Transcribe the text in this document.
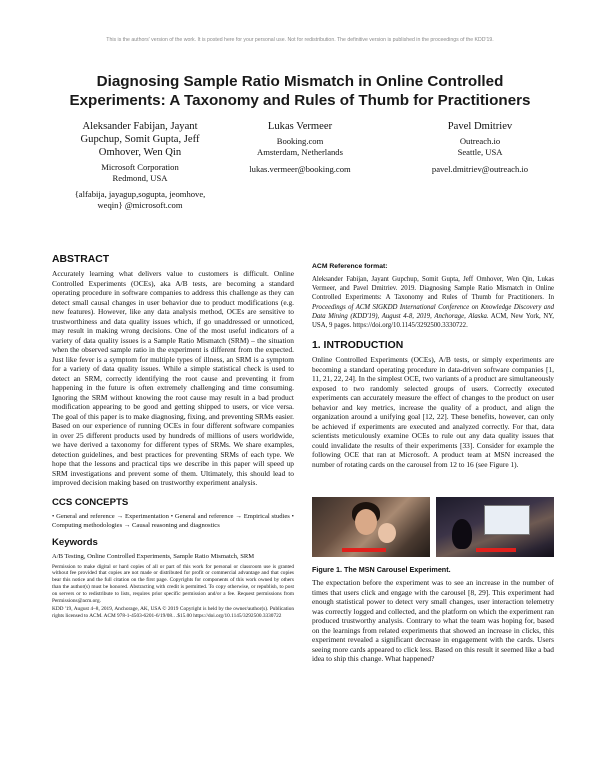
This is the authors' version of the work. It is posted here for your personal use. Not for redistribution. The definitive version is published in the proceedings of the KDD'19.
Diagnosing Sample Ratio Mismatch in Online Controlled
Experiments: A Taxonomy and Rules of Thumb for Practitioners
Aleksander Fabijan, Jayant
Gupchup, Somit Gupta, Jeff
Omhover, Wen Qin
Microsoft Corporation
Redmond, USA
{alfabija, jayagup,sogupta, jeomhove,
weqin} @microsoft.com
Lukas Vermeer
Booking.com
Amsterdam, Netherlands
lukas.vermeer@booking.com
Pavel Dmitriev
Outreach.io
Seattle, USA
pavel.dmitriev@outreach.io
ABSTRACT

Accurately learning what delivers value to customers is difficult. Online Controlled Experiments (OCEs), aka A/B tests, are becoming a standard operating procedure in software companies to address this challenge as they can detect small causal changes in user behavior due to product modifications (e.g. new features). However, like any data analysis method, OCEs are sensitive to trustworthiness and data quality issues which, if go unaddressed or unnoticed, may result in making wrong decisions. One of the most useful indicators of a variety of data quality issues is a Sample Ratio Mismatch (SRM) – the situation when the observed sample ratio in the experiment is different from the expected. Just like fever is a symptom for multiple types of illness, an SRM is a symptom for a variety of data quality issues. While a simple statistical check is used to detect an SRM, correctly identifying the root cause and preventing it from happening in the future is often extremely challenging and time consuming. Ignoring the SRM without knowing the root cause may result in a bad product modification appearing to be good and getting shipped to users, or vice versa. The goal of this paper is to make diagnosing, fixing, and preventing SRMs easier. Based on our experience of running OCEs in four different software companies in over 25 different products used by hundreds of millions of users worldwide, we have derived a taxonomy for different types of SRMs. We share examples, detection guidelines, and best practices for preventing SRMs of each type. We hope that the lessons and practical tips we describe in this paper will speed up SRM investigations and prevent some of them. Ultimately, this should lead to improved decision making based on trustworthy experiment analysis.

CCS CONCEPTS

• General and reference → Experimentation • General and reference → Empirical studies • Computing methodologies → Causal reasoning and diagnostics

Keywords

A/B Testing, Online Controlled Experiments, Sample Ratio Mismatch, SRM

Permission to make digital or hard copies of all or part of this work for personal or classroom use is granted without fee provided that copies are not made or distributed for profit or commercial advantage and that copies bear this notice and the full citation on the first page. Copyrights for components of this work owned by others than the author(s) must be honored. Abstracting with credit is permitted. To copy otherwise, or republish, to post on servers or to redistribute to lists, requires prior specific permission and/or a fee. Request permissions from Permissions@acm.org.

KDD '19, August 4–8, 2019, Anchorage, AK, USA © 2019 Copyright is held by the owner/author(s). Publication rights licensed to ACM. ACM 978-1-4503-6201-6/19/08…$15.00 https://doi.org/10.1145/3292500.3330722

ACM Reference format:

Aleksander Fabijan, Jayant Gupchup, Somit Gupta, Jeff Omhover, Wen Qin, Lukas Vermeer, and Pavel Dmitriev. 2019. Diagnosing Sample Ratio Mismatch in Online Controlled Experiments: A Taxonomy and Rules of Thumb for Practitioners. In Proceedings of ACM SIGKDD International Conference on Knowledge Discovery and Data Mining (KDD'19), August 4-8, 2019, Anchorage, Alaska. ACM, New York, NY, USA, 9 pages. https://doi.org/10.1145/3292500.3330722.

1. INTRODUCTION

Online Controlled Experiments (OCEs), A/B tests, or simply experiments are becoming a standard operating procedure in data-driven software companies [1, 11, 21, 22, 24]. In the simplest OCE, two variants of a product are simultaneously exposed to two randomly selected groups of users. Correctly executed experiments can accurately measure the effect of changes to the product on user behavior and key metrics, increase the quality of a product, and align the organization around a unifying goal [12, 22]. These benefits, however, can only be achieved if experiments are executed and analyzed correctly. For that, data scientists meticulously examine OCEs to rule out any data quality issues that could invalidate the results of their experiments [33]. Consider for example the following OCE that ran at Microsoft. A product team at MSN increased the number of rotating cards on the carousel from 12 to 16 (see Figure 1).

Figure 1. The MSN Carousel Experiment.

The expectation before the experiment was to see an increase in the number of times that users click and engage with the carousel [8, 29]. This experiment had enough statistical power to detect very small changes, user interaction telemetry was correctly logged and collected, and the platform on which the experiment ran produced trustworthy analysis. Contrary to what the team was hoping for, based on the learnings from related experiments that showed an increase in clicks, this experiment revealed a significant decrease in engagement with the cards. Users seeing more cards appeared to click less. Based on this result it seemed like a bad idea to ship this change. What happened?
